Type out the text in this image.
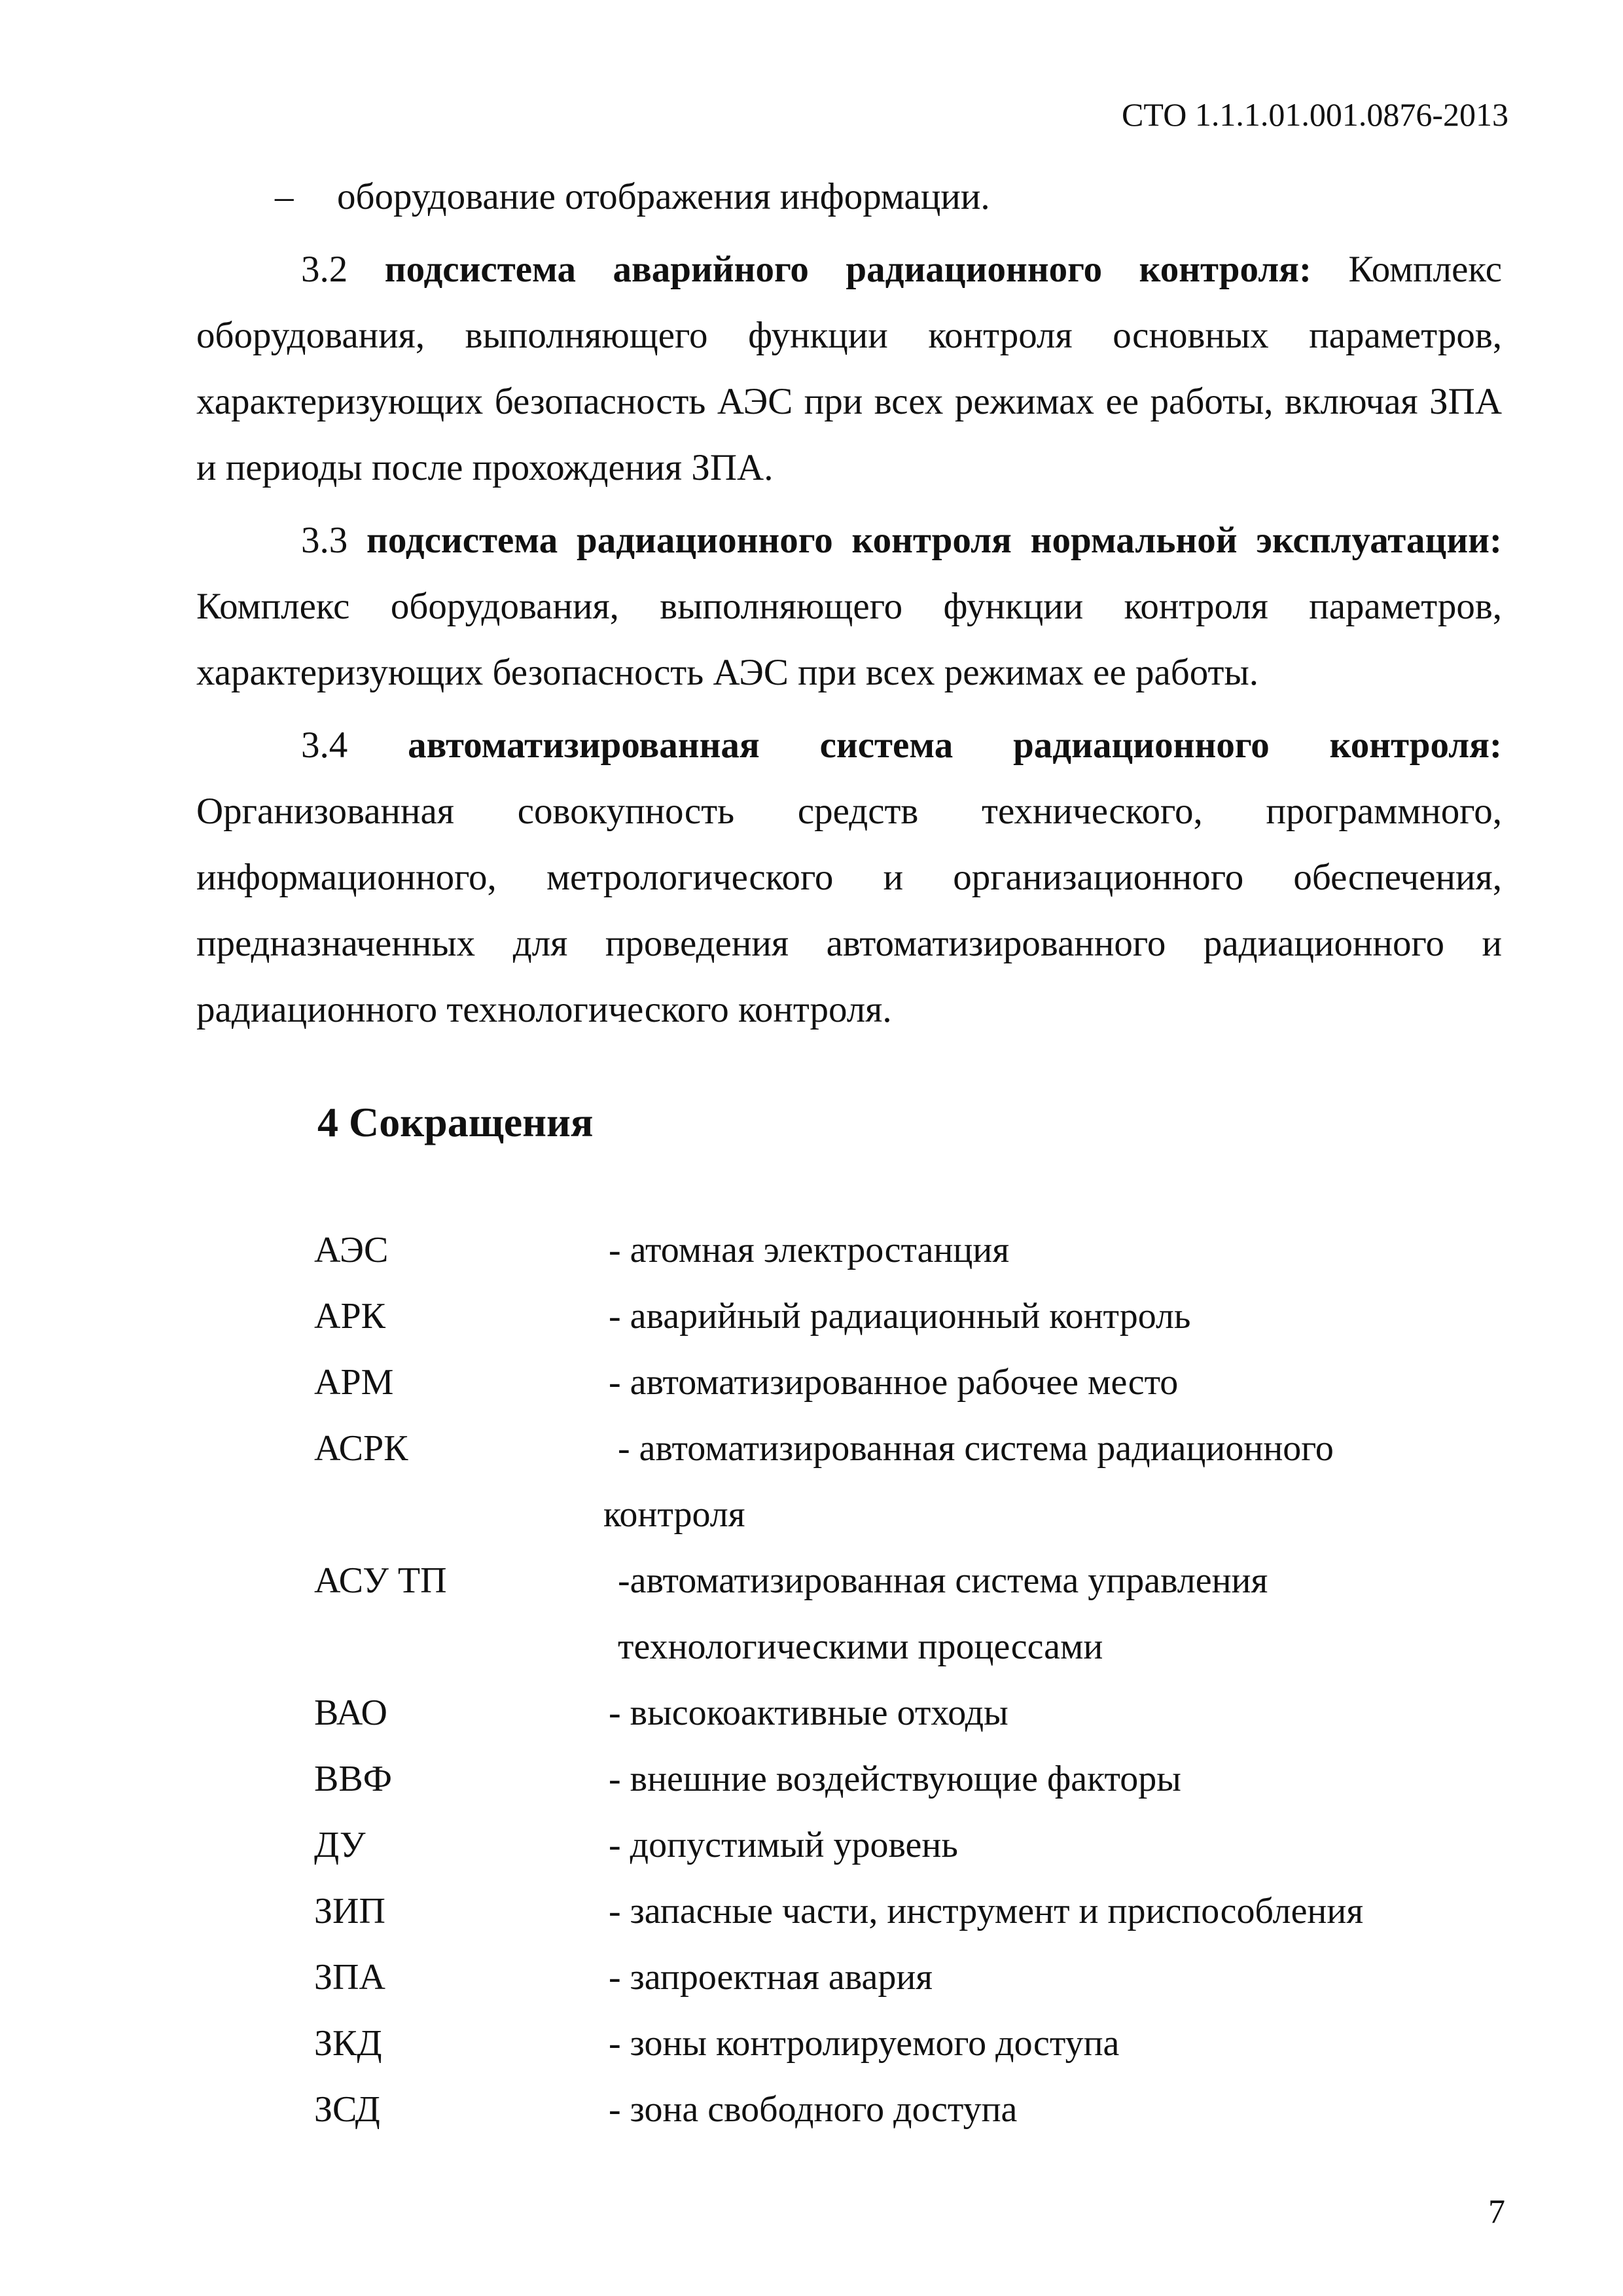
СТО 1.1.1.01.001.0876-2013

– оборудование отображения информации.

3.2 подсистема аварийного радиационного контроля: Комплекс оборудования, выполняющего функции контроля основных параметров, характеризующих безопасность АЭС при всех режимах ее работы, включая ЗПА и периоды после прохождения ЗПА.

3.3 подсистема радиационного контроля нормальной эксплуатации: Комплекс оборудования, выполняющего функции контроля параметров, характеризующих безопасность АЭС при всех режимах ее работы.

3.4 автоматизированная система радиационного контроля: Организованная совокупность средств технического, программного, информационного, метрологического и организационного обеспечения, предназначенных для проведения автоматизированного радиационного и радиационного технологического контроля.

4 Сокращения
АЭС	- атомная электростанция
АРК	- аварийный радиационный контроль
АРМ	- автоматизированное рабочее место
АСРК	- автоматизированная система радиационного
контроля
АСУ ТП	-автоматизированная система управления
технологическими процессами
ВАО	- высокоактивные отходы
ВВФ	- внешние воздействующие факторы
ДУ	- допустимый уровень
ЗИП	- запасные части, инструмент и приспособления
ЗПА	- запроектная авария
ЗКД	- зоны контролируемого доступа
ЗСД	- зона свободного доступа
7
